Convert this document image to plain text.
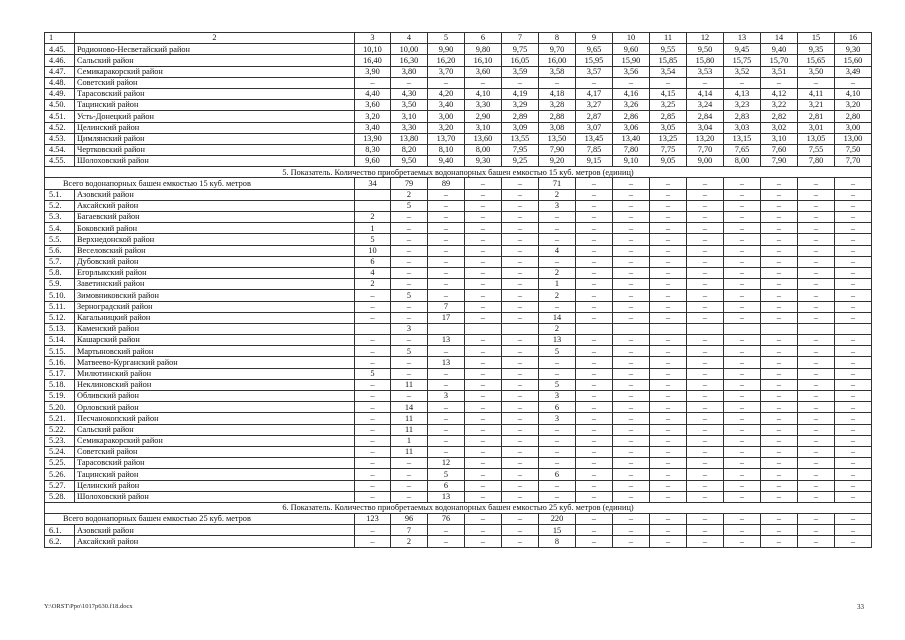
1	2	3	4	5	6	7	8	9	10	11	12	13	14	15	16
4.45.	Родионово-Несветайский район	10,10	10,00	9,90	9,80	9,75	9,70	9,65	9,60	9,55	9,50	9,45	9,40	9,35	9,30
4.46.	Сальский район	16,40	16,30	16,20	16,10	16,05	16,00	15,95	15,90	15,85	15,80	15,75	15,70	15,65	15,60
4.47.	Семикаракорский район	3,90	3,80	3,70	3,60	3,59	3,58	3,57	3,56	3,54	3,53	3,52	3,51	3,50	3,49
4.48.	Советский район	–	–	–	–	–	–	–	–	–	–	–	–	–	–
4.49.	Тарасовский район	4,40	4,30	4,20	4,10	4,19	4,18	4,17	4,16	4,15	4,14	4,13	4,12	4,11	4,10
4.50.	Тацинский район	3,60	3,50	3,40	3,30	3,29	3,28	3,27	3,26	3,25	3,24	3,23	3,22	3,21	3,20
4.51.	Усть-Донецкий район	3,20	3,10	3,00	2,90	2,89	2,88	2,87	2,86	2,85	2,84	2,83	2,82	2,81	2,80
4.52.	Целинский район	3,40	3,30	3,20	3,10	3,09	3,08	3,07	3,06	3,05	3,04	3,03	3,02	3,01	3,00
4.53.	Цимлянский район	13,90	13,80	13,70	13,60	13,55	13,50	13,45	13,40	13,25	13,20	13,15	3,10	13,05	13,00
4.54.	Чертковский район	8,30	8,20	8,10	8,00	7,95	7,90	7,85	7,80	7,75	7,70	7,65	7,60	7,55	7,50
4.55.	Шолоховский район	9,60	9,50	9,40	9,30	9,25	9,20	9,15	9,10	9,05	9,00	8,00	7,90	7,80	7,70
5. Показатель. Количество приобретаемых водонапорных башен емкостью 15 куб. метров (единиц)															
Всего водонапорных башен емкостью 15 куб. метров		34	79	89	–	–	71	–	–	–	–	–	–	–	–
5.1.	Азовский район		2	–	–	–	2	–	–	–	–	–	–	–	–
5.2.	Аксайский район		5	–	–	–	3	–	–	–	–	–	–	–	–
5.3.	Багаевский район	2	–	–	–	–	–	–	–	–	–	–	–	–	–
5.4.	Боковский район	1	–	–	–	–	–	–	–	–	–	–	–	–	–
5.5.	Верхнедонской район	5	–	–	–	–	–	–	–	–	–	–	–	–	–
5.6.	Веселовский район	10	–	–	–	–	4	–	–	–	–	–	–	–	–
5.7.	Дубовский район	6	–	–	–	–	–	–	–	–	–	–	–	–	–
5.8.	Егорлыкский район	4	–	–	–	–	2	–	–	–	–	–	–	–	–
5.9.	Заветинский район	2	–	–	–	–	1	–	–	–	–	–	–	–	–
5.10.	Зимовниковский район	–	5	–	–	–	2	–	–	–	–	–	–	–	–
5.11.	Зерноградский район	–	–	7	–	–	–	–	–	–	–	–	–	–	–
5.12.	Кагальницкий район	–	–	17	–	–	14	–	–	–	–	–	–	–	–
5.13.	Каменский район		3				2								
5.14.	Кашарский район	–	–	13	–	–	13	–	–	–	–	–	–	–	–
5.15.	Мартыновский район	–	5	–	–	–	5	–	–	–	–	–	–	–	–
5.16.	Матвеево-Курганский район	–	–	13	–	–	–	–	–	–	–	–	–	–	–
5.17.	Милютинский район	5	–	–	–	–	–	–	–	–	–	–	–	–	–
5.18.	Неклиновский район	–	11	–	–	–	5	–	–	–	–	–	–	–	–
5.19.	Обливский район	–	–	3	–	–	3	–	–	–	–	–	–	–	–
5.20.	Орловский район	–	14	–	–	–	6	–	–	–	–	–	–	–	–
5.21.	Песчанокопский район	–	11	–	–	–	3	–	–	–	–	–	–	–	–
5.22.	Сальский район	–	11	–	–	–	–	–	–	–	–	–	–	–	–
5.23.	Семикаракорский район	–	1	–	–	–	–	–	–	–	–	–	–	–	–
5.24.	Советский район	–	11	–	–	–	–	–	–	–	–	–	–	–	–
5.25.	Тарасовский район	–	–	12	–	–	–	–	–	–	–	–	–	–	–
5.26.	Тацинский район	–	–	5	–	–	6	–	–	–	–	–	–	–	–
5.27.	Целинский район	–	–	6	–	–	–	–	–	–	–	–	–	–	–
5.28.	Шолоховский район	–	–	13	–	–	–	–	–	–	–	–	–	–	–
6. Показатель. Количество приобретаемых водонапорных башен емкостью 25 куб. метров (единиц)															
Всего водонапорных башен емкостью 25 куб. метров		123	96	76	–	–	220	–	–	–	–	–	–	–	–
6.1.	Азовский район	–	7	–	–	–	15	–	–	–	–	–	–	–	–
6.2.	Аксайский район	–	2	–	–	–	8	–	–	–	–	–	–	–	–
Y:\ORST\Ppo\1017p630.f18.docx	33
